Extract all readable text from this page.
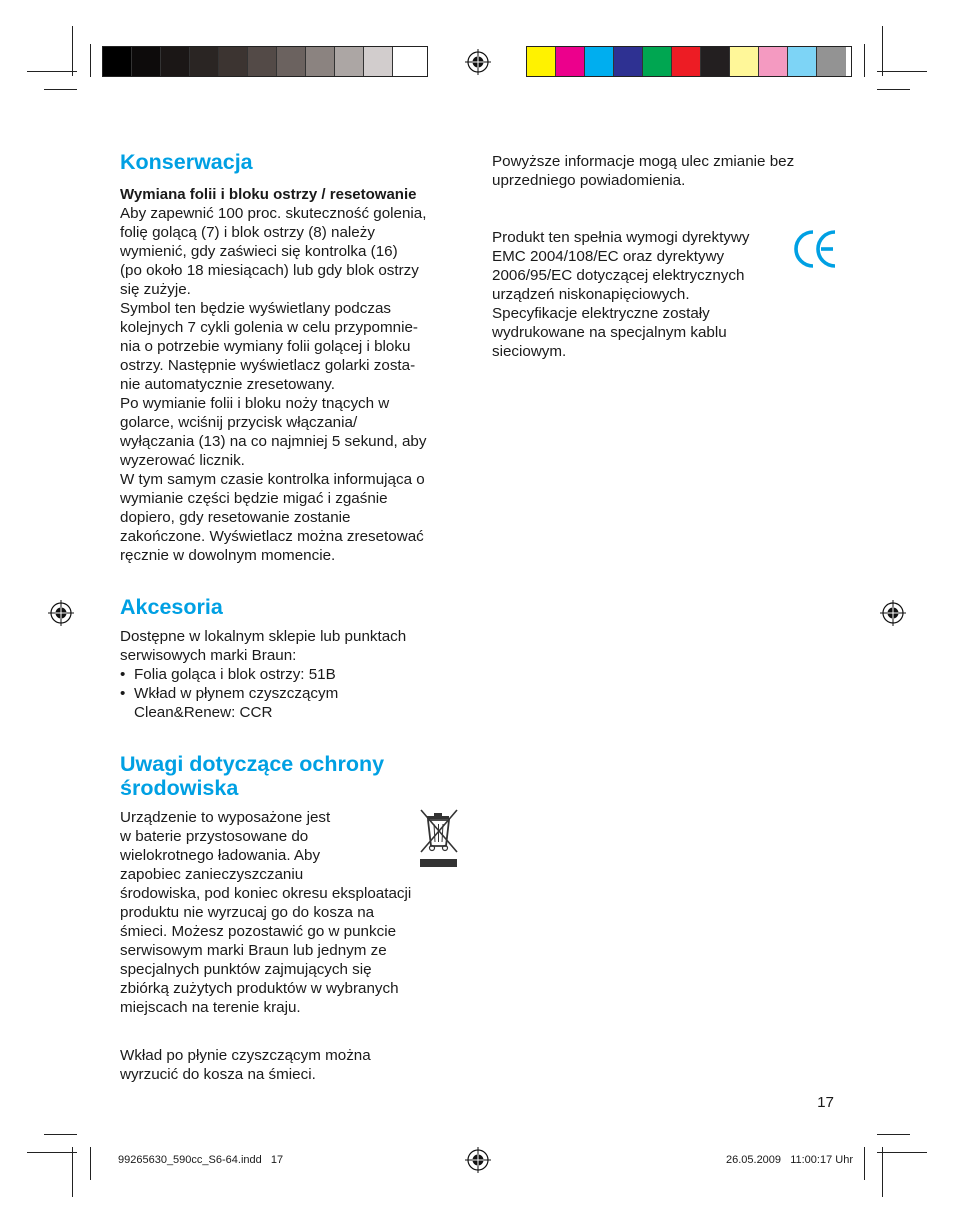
Konserwacja
Wymiana folii i bloku ostrzy / resetowanie
Aby zapewnić 100 proc. skuteczność golenia,
folię golącą (7) i blok ostrzy (8) należy
wymienić, gdy zaświeci się kontrolka (16)
(po około 18 miesiącach) lub gdy blok ostrzy
się zużyje.
Symbol ten będzie wyświetlany podczas
kolejnych 7 cykli golenia w celu przypomnie-
nia o potrzebie wymiany folii golącej i bloku
ostrzy. Następnie wyświetlacz golarki zosta-
nie automatycznie zresetowany.
Po wymianie folii i bloku noży tnących w
golarce, wciśnij przycisk włączania/
wyłączania (13) na co najmniej 5 sekund, aby
wyzerować licznik.
W tym samym czasie kontrolka informująca o
wymianie części będzie migać i zgaśnie
dopiero, gdy resetowanie zostanie
zakończone. Wyświetlacz można zresetować
ręcznie w dowolnym momencie.
Akcesoria
Dostępne w lokalnym sklepie lub punktach
serwisowych marki Braun:
• Folia goląca i blok ostrzy: 51B
• Wkład w płynem czyszczącym
Clean&Renew: CCR
Uwagi dotyczące ochrony
środowiska
Urządzenie to wyposażone jest
w baterie przystosowane do
wielokrotnego ładowania. Aby
zapobiec zanieczyszczaniu
środowiska, pod koniec okresu eksploatacji
produktu nie wyrzucaj go do kosza na
śmieci. Możesz pozostawić go w punkcie
serwisowym marki Braun lub jednym ze
specjalnych punktów zajmujących się
zbiórką zużytych produktów w wybranych
miejscach na terenie kraju.
Wkład po płynie czyszczącym można
wyrzucić do kosza na śmieci.
Powyższe informacje mogą ulec zmianie bez
uprzedniego powiadomienia.
Produkt ten spełnia wymogi dyrektywy
EMC 2004/108/EC oraz dyrektywy
2006/95/EC dotyczącej elektrycznych
urządzeń niskonapięciowych.
Specyfikacje elektryczne zostały
wydrukowane na specjalnym kablu
sieciowym.
17
99265630_590cc_S6-64.indd   17	26.05.2009   11:00:17 Uhr
